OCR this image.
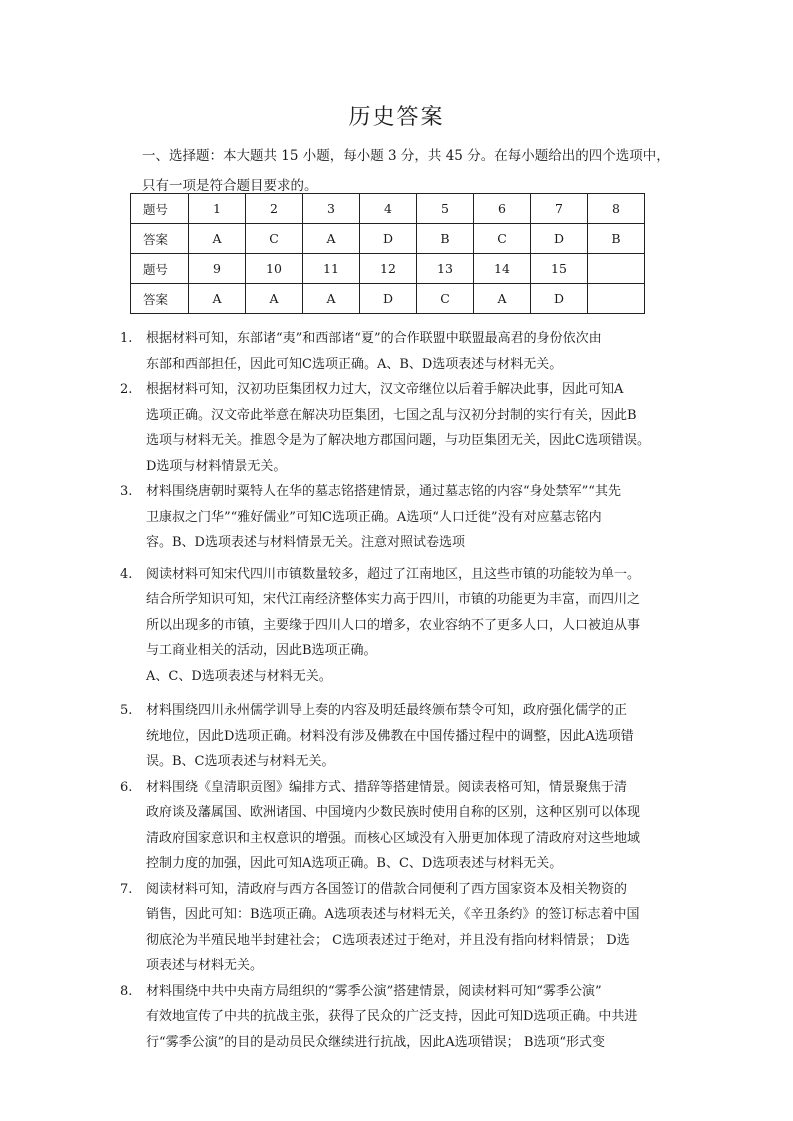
历史答案
一、选择题：本大题共 15 小题，每小题 3 分，共 45 分。在每小题给出的四个选项中，
只有一项是符合题目要求的。
题号	1	2	3	4	5	6	7	8
答案	A	C	A	D	B	C	D	B
题号	9	10	11	12	13	14	15	
答案	A	A	A	D	C	A	D	
1.	根据材料可知，东部诸“夷”和西部诸“夏”的合作联盟中联盟最高君的身份依次由

东部和西部担任，因此可知C选项正确。A、B、D选项表述与材料无关。

2.	根据材料可知，汉初功臣集团权力过大，汉文帝继位以后着手解决此事，因此可知A

选项正确。汉文帝此举意在解决功臣集团，七国之乱与汉初分封制的实行有关，因此B

选项与材料无关。推恩令是为了解决地方郡国问题，与功臣集团无关，因此C选项错误。

D选项与材料情景无关。

3.	材料围绕唐朝时粟特人在华的墓志铭搭建情景，通过墓志铭的内容“身处禁军”“其先

卫康叔之门华”“雅好儒业”可知C选项正确。A选项“人口迁徙”没有对应墓志铭内

容。B、D选项表述与材料情景无关。注意对照试卷选项

4.	阅读材料可知宋代四川市镇数量较多，超过了江南地区，且这些市镇的功能较为单一。

结合所学知识可知，宋代江南经济整体实力高于四川，市镇的功能更为丰富，而四川之

所以出现多的市镇，主要缘于四川人口的增多，农业容纳不了更多人口，人口被迫从事

与工商业相关的活动，因此B选项正确。

A、C、D选项表述与材料无关。

5.	材料围绕四川永州儒学训导上奏的内容及明廷最终颁布禁令可知，政府强化儒学的正

统地位，因此D选项正确。材料没有涉及佛教在中国传播过程中的调整，因此A选项错

误。B、C选项表述与材料无关。

6.	材料围绕《皇清职贡图》编排方式、措辞等搭建情景。阅读表格可知，情景聚焦于清

政府谈及藩属国、欧洲诸国、中国境内少数民族时使用自称的区别，这种区别可以体现

清政府国家意识和主权意识的增强。而核心区域没有入册更加体现了清政府对这些地域

控制力度的加强，因此可知A选项正确。B、C、D选项表述与材料无关。

7.	阅读材料可知，清政府与西方各国签订的借款合同便利了西方国家资本及相关物资的

销售，因此可知：B选项正确。A选项表述与材料无关，《辛丑条约》的签订标志着中国

彻底沦为半殖民地半封建社会； C选项表述过于绝对，并且没有指向材料情景； D选

项表述与材料无关。

8.	材料围绕中共中央南方局组织的“雾季公演”搭建情景，阅读材料可知“雾季公演”

有效地宣传了中共的抗战主张，获得了民众的广泛支持，因此可知D选项正确。中共进

行“雾季公演”的目的是动员民众继续进行抗战，因此A选项错误； B选项“形式变
